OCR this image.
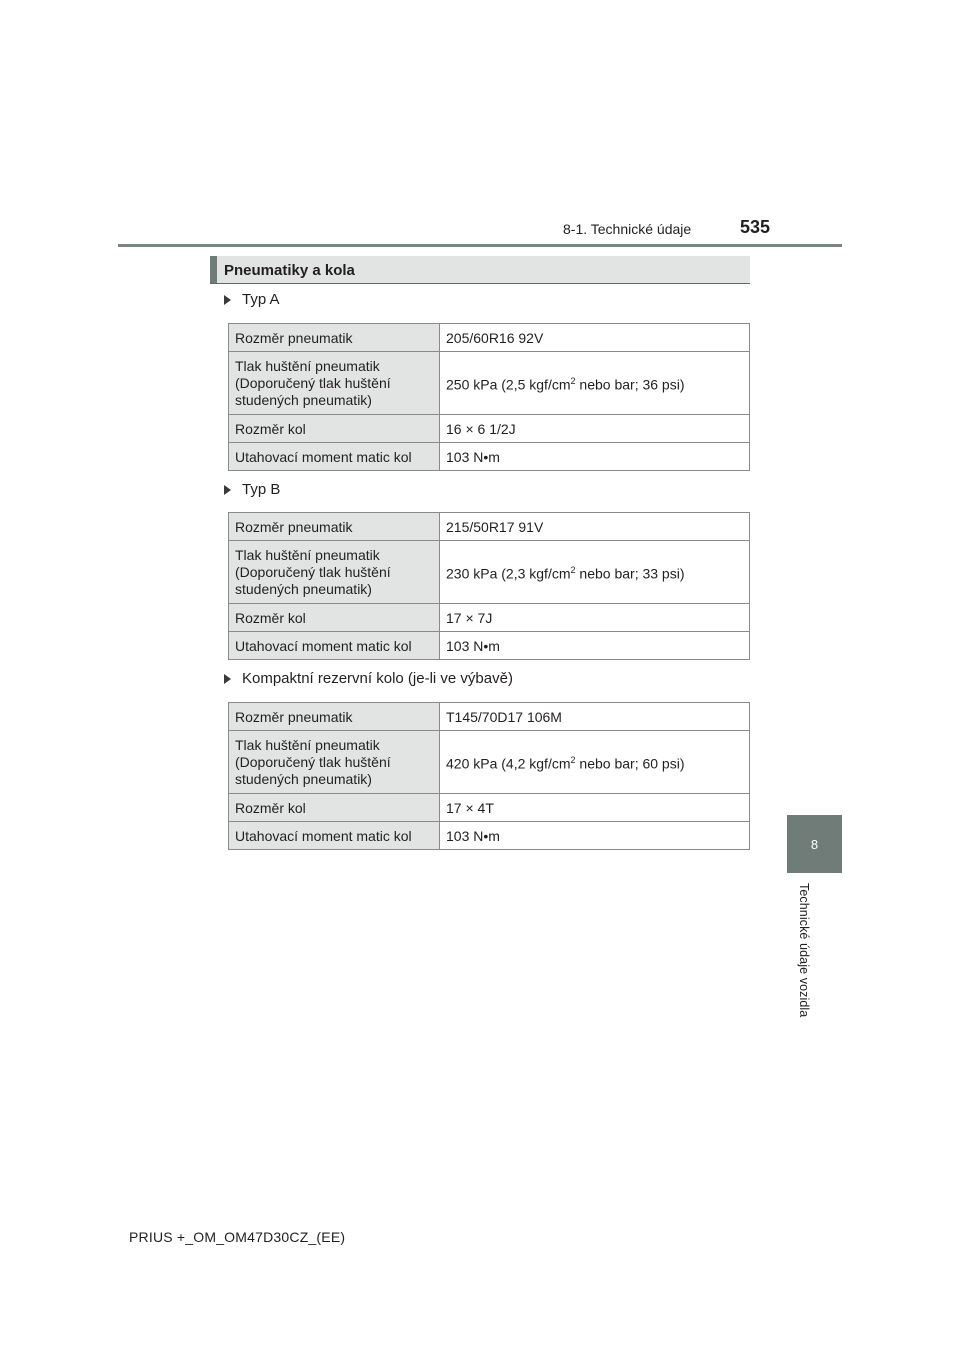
8-1. Technické údaje	535
8
Technické údaje vozidla
Pneumatiky a kola
Typ A
Rozměr pneumatik	205/60R16 92V
Tlak huštění pneumatik
(Doporučený tlak huštění
studených pneumatik)	250 kPa (2,5 kgf/$cm^2$ nebo bar; 36 psi)
Rozměr kol	16 × 6 1/2J
Utahovací moment matic kol	103 N•m
Typ B
Rozměr pneumatik	215/50R17 91V
Tlak huštění pneumatik
(Doporučený tlak huštění
studených pneumatik)	230 kPa (2,3 kgf/$cm^2$ nebo bar; 33 psi)
Rozměr kol	17 × 7J
Utahovací moment matic kol	103 N•m
Kompaktní rezervní kolo (je-li ve výbavě)
Rozměr pneumatik	T145/70D17 106M
Tlak huštění pneumatik
(Doporučený tlak huštění
studených pneumatik)	420 kPa (4,2 kgf/$cm^2$ nebo bar; 60 psi)
Rozměr kol	17 × 4T
Utahovací moment matic kol	103 N•m
PRIUS +_OM_OM47D30CZ_(EE)
